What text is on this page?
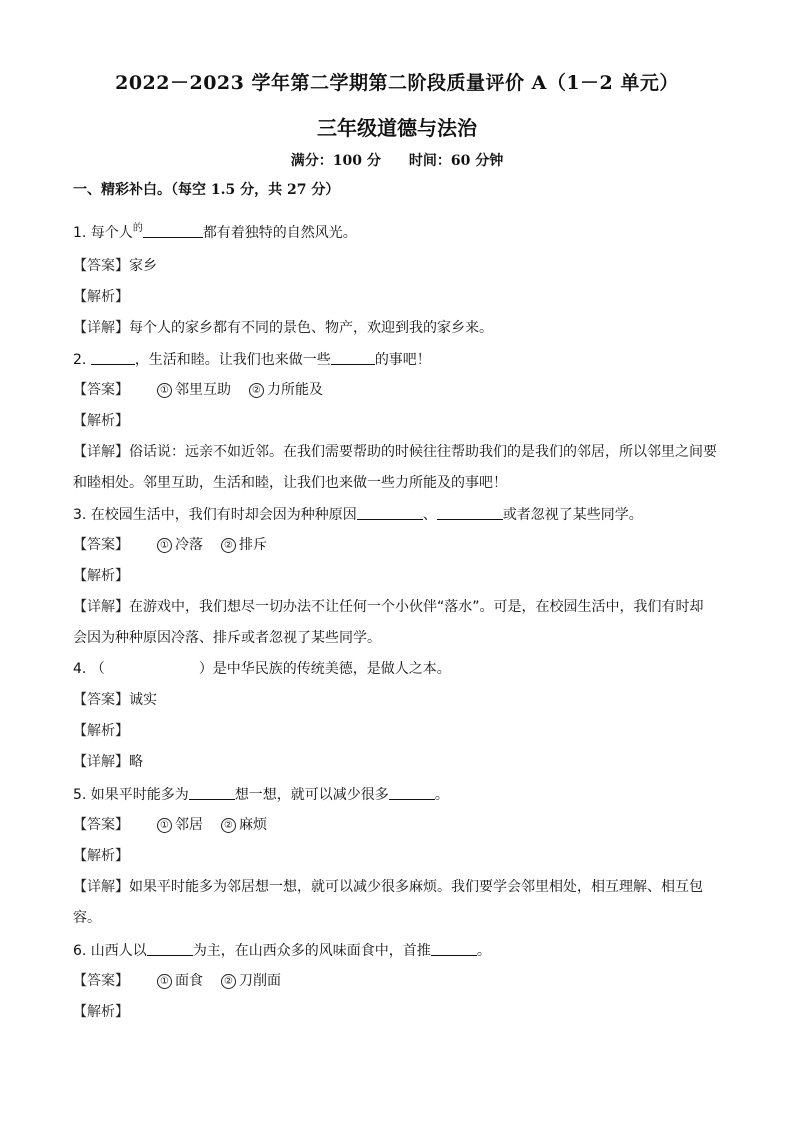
2022－2023 学年第二学期第二阶段质量评价 A（1－2 单元）
三年级道德与法治
满分：100 分 时间：60 分钟
一、精彩补白。（每空 1.5 分，共 27 分）
1. 每个人$^的$	都有着独特的自然风光。
【答案】家乡
【解析】
【详解】每个人的家乡都有不同的景色、物产，欢迎到我的家乡来。
2.	，生活和睦。让我们也来做一些	的事吧！
【答案】	① 邻里互助 ② 力所能及
【解析】
【详解】俗话说：远亲不如近邻。在我们需要帮助的时候往往帮助我们的是我们的邻居，所以邻里之间要
和睦相处。邻里互助，生活和睦，让我们也来做一些力所能及的事吧！
3. 在校园生活中，我们有时却会因为种种原因	、	或者忽视了某些同学。
【答案】	① 冷落 ② 排斥
【解析】
【详解】在游戏中，我们想尽一切办法不让任何一个小伙伴“落水”。可是，在校园生活中，我们有时却
会因为种种原因冷落、排斥或者忽视了某些同学。
4. （	）是中华民族的传统美德，是做人之本。
【答案】诚实
【解析】
【详解】略
5. 如果平时能多为	想一想，就可以减少很多	。
【答案】	① 邻居 ② 麻烦
【解析】
【详解】如果平时能多为邻居想一想，就可以减少很多麻烦。我们要学会邻里相处，相互理解、相互包
容。
6. 山西人以	为主，在山西众多的风味面食中，首推	。
【答案】	① 面食 ② 刀削面
【解析】
